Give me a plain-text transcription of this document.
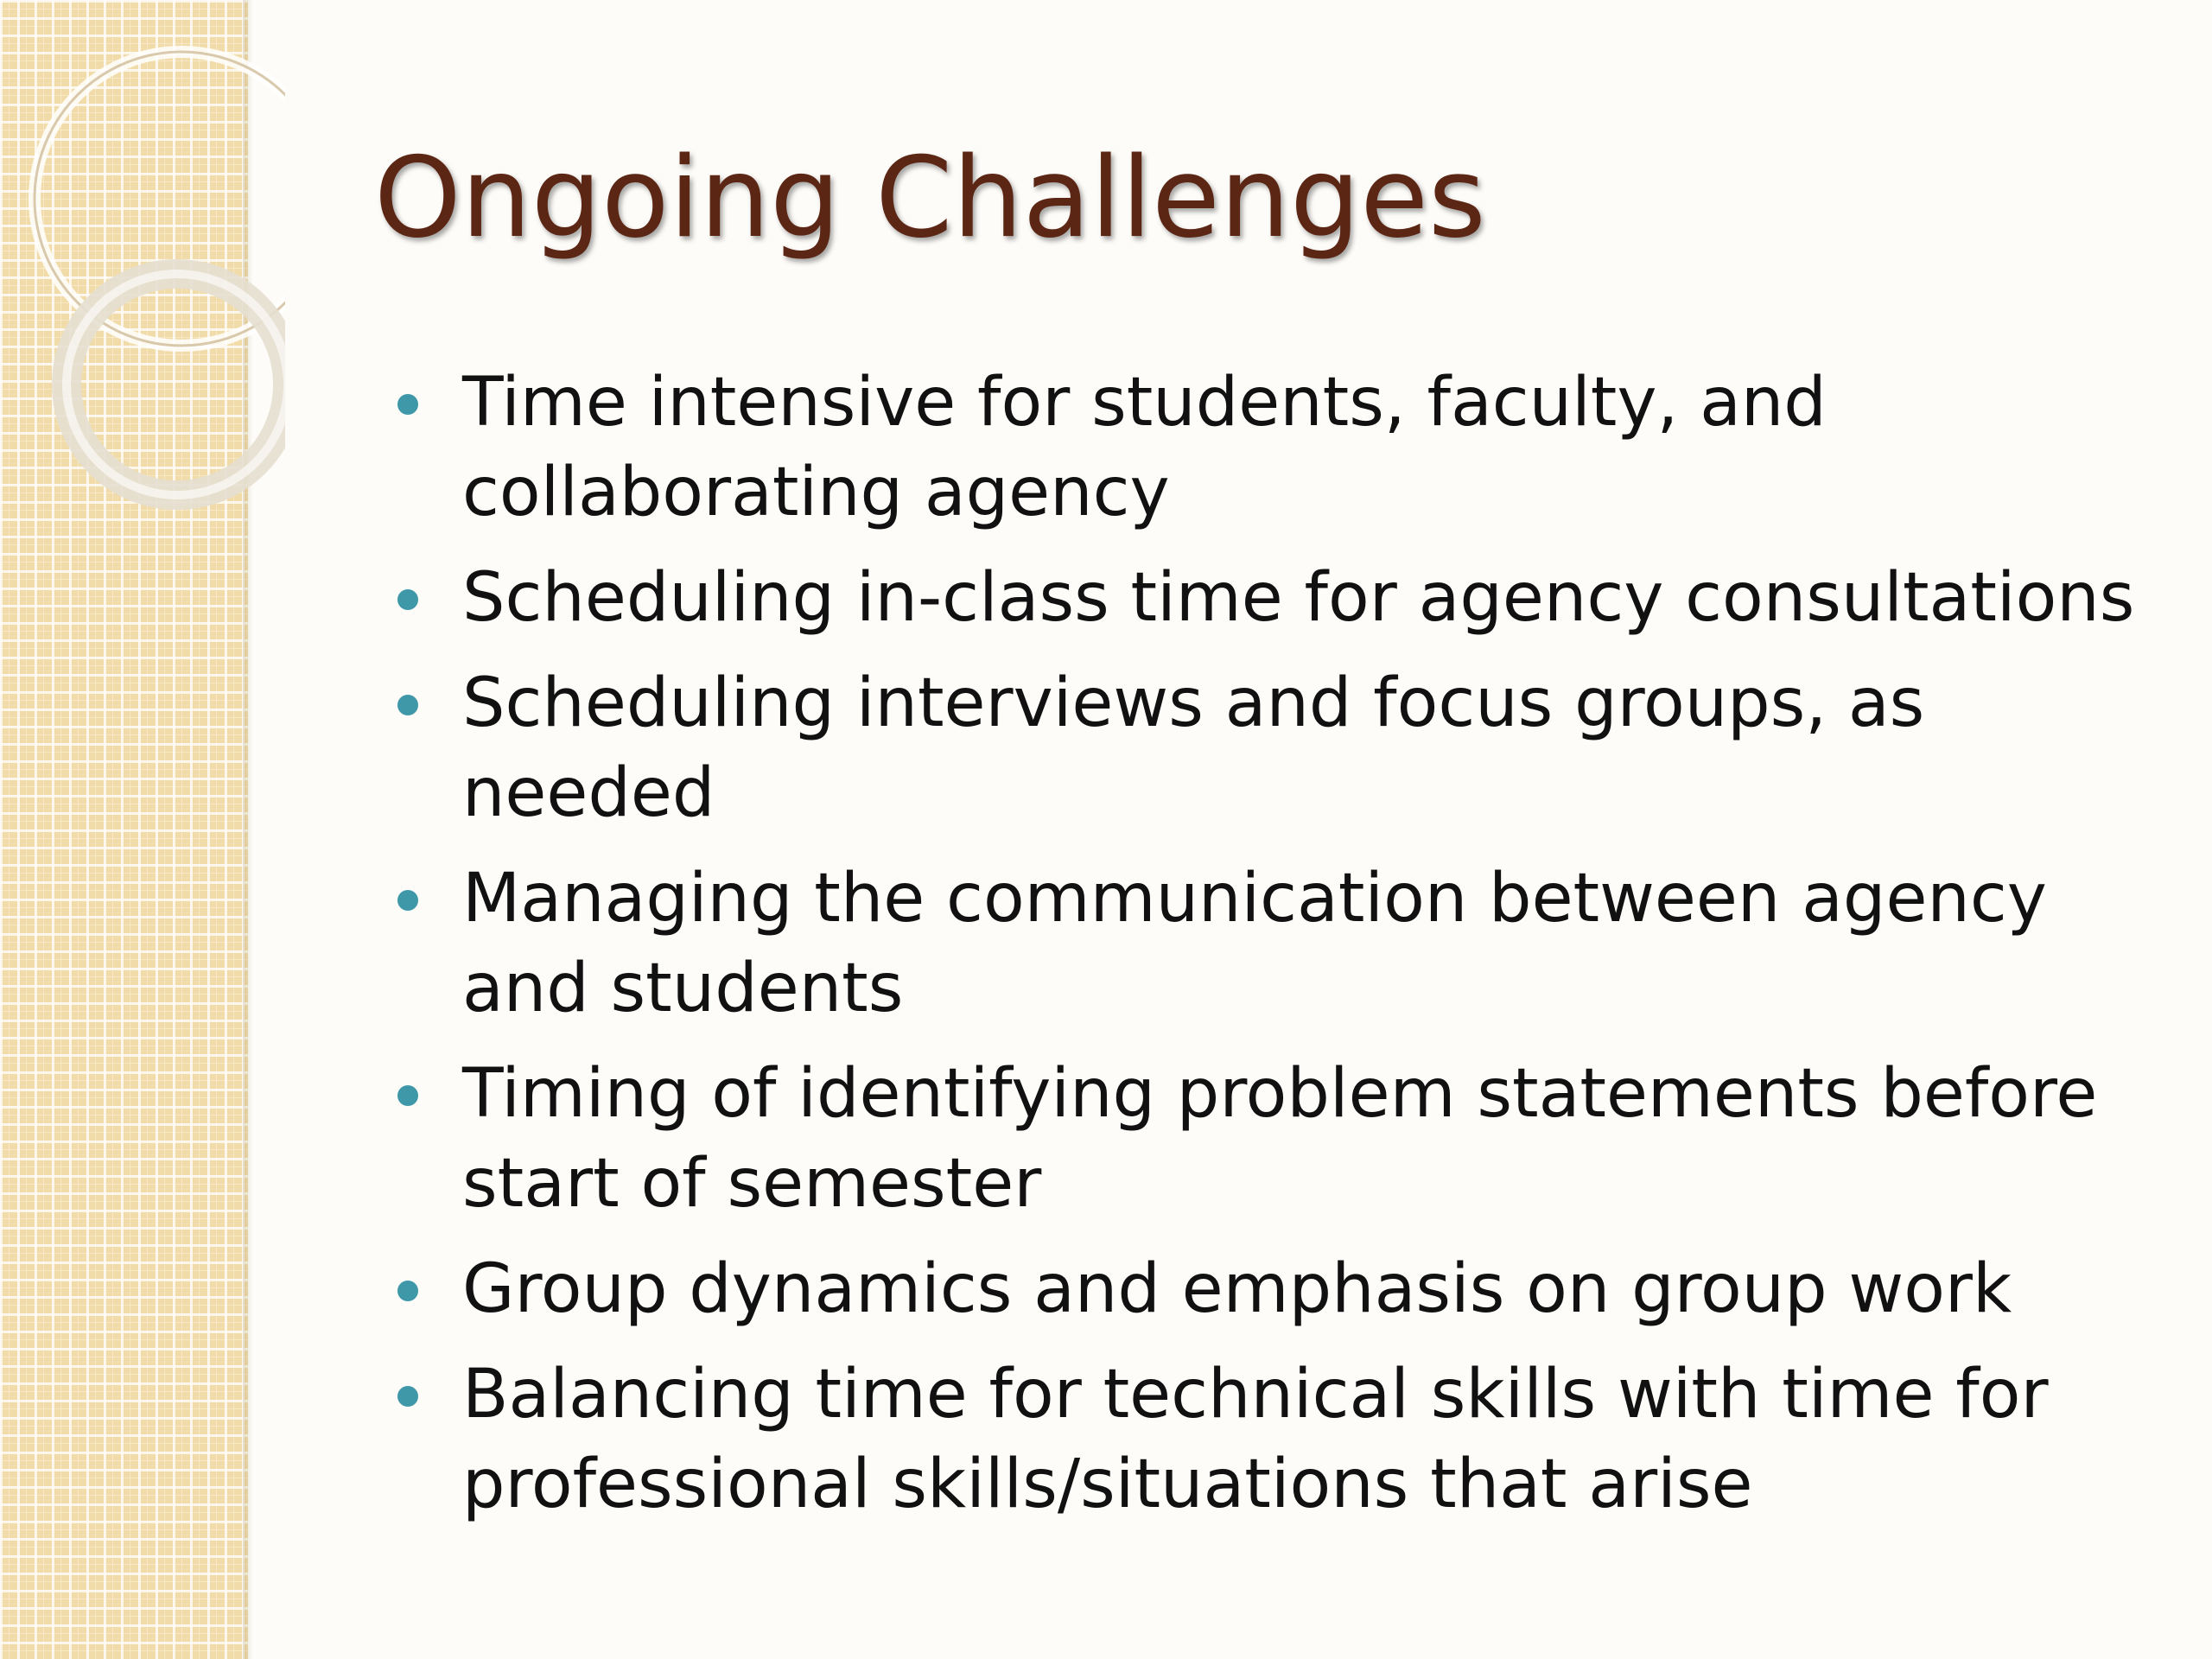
Ongoing Challenges
Time intensive for students, faculty, and collaborating agency
Scheduling in-class time for agency consultations
Scheduling interviews and focus groups, as needed
Managing the communication between agency and students
Timing of identifying problem statements before start of semester
Group dynamics and emphasis on group work
Balancing time for technical skills with time for professional skills/situations that arise
